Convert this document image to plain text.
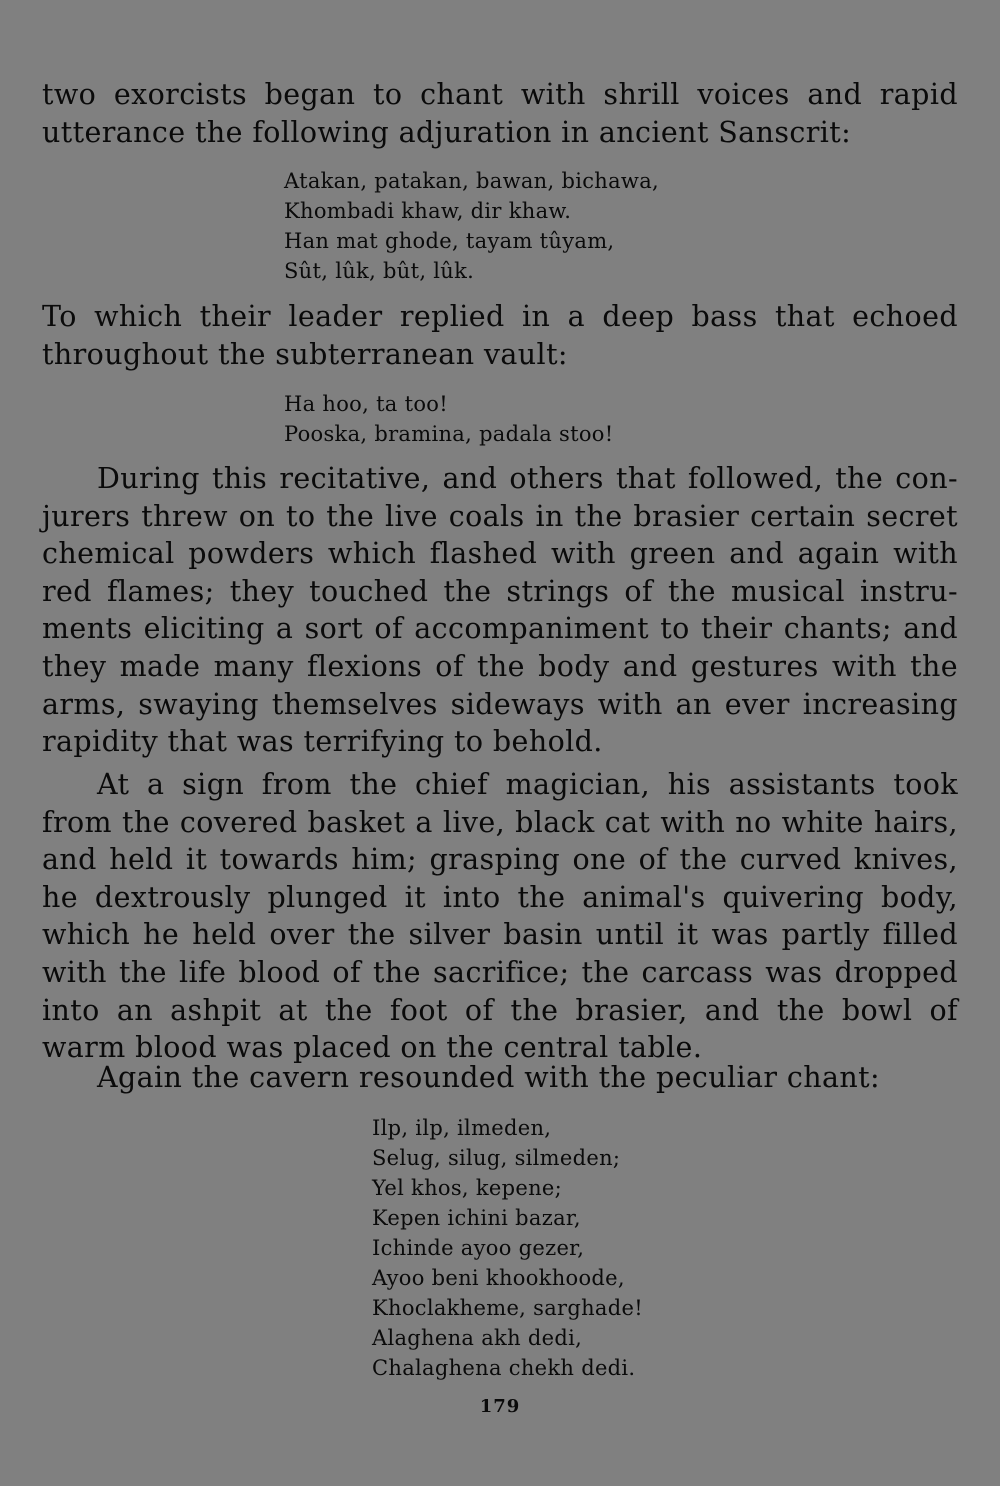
two exorcists began to chant with shrill voices and rapid
utterance the following adjuration in ancient Sanscrit:
Atakan, patakan, bawan, bichawa,
Khombadi khaw, dir khaw.
Han mat ghode, tayam tûyam,
Sût, lûk, bût, lûk.
To which their leader replied in a deep bass that echoed
throughout the subterranean vault:
Ha hoo, ta too!
Pooska, bramina, padala stoo!
During this recitative, and others that followed, the con-
jurers threw on to the live coals in the brasier certain secret
chemical powders which flashed with green and again with
red flames; they touched the strings of the musical instru-
ments eliciting a sort of accompaniment to their chants; and
they made many flexions of the body and gestures with the
arms, swaying themselves sideways with an ever increasing
rapidity that was terrifying to behold.
At a sign from the chief magician, his assistants took
from the covered basket a live, black cat with no white hairs,
and held it towards him; grasping one of the curved knives,
he dextrously plunged it into the animal's quivering body,
which he held over the silver basin until it was partly filled
with the life blood of the sacrifice; the carcass was dropped
into an ashpit at the foot of the brasier, and the bowl of
warm blood was placed on the central table.
Again the cavern resounded with the peculiar chant:
Ilp, ilp, ilmeden,
Selug, silug, silmeden;
Yel khos, kepene;
Kepen ichini bazar,
Ichinde ayoo gezer,
Ayoo beni khookhoode,
Khoclakheme, sarghade!
Alaghena akh dedi,
Chalaghena chekh dedi.
179
